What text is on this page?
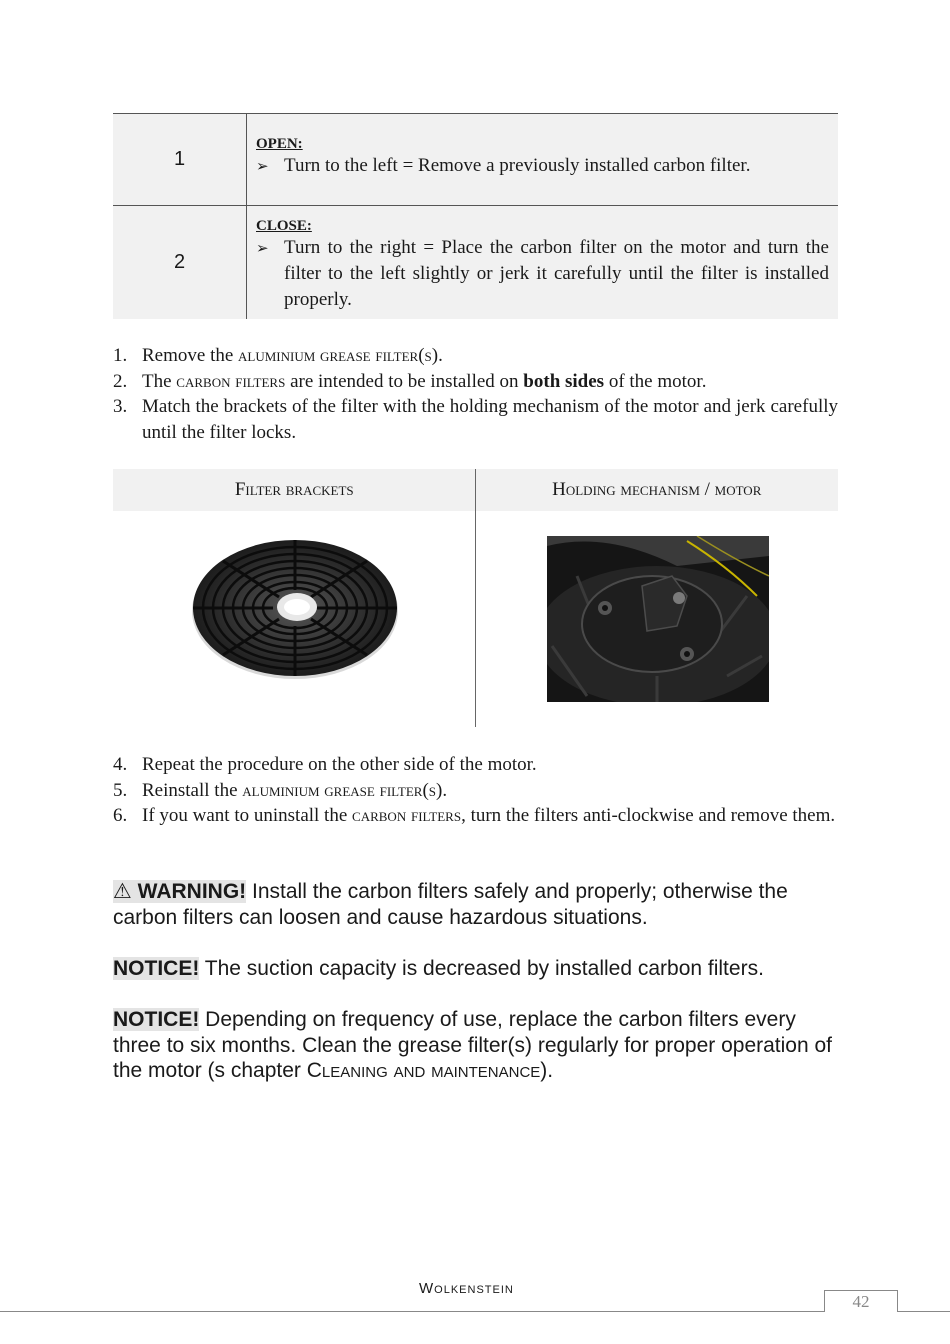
1
OPEN:
➢ Turn to the left = Remove a previously installed carbon filter.
2
CLOSE:
➢ Turn to the right = Place the carbon filter on the motor and turn the filter to the left slightly or jerk it carefully until the filter is installed properly.
1. Remove the aluminium grease filter(s).
2. The carbon filters are intended to be installed on both sides of the motor.
3. Match the brackets of the filter with the holding mechanism of the motor and jerk carefully until the filter locks.
Filter brackets	Holding mechanism / motor
4. Repeat the procedure on the other side of the motor.
5. Reinstall the aluminium grease filter(s).
6. If you want to uninstall the carbon filters, turn the filters anti-clockwise and remove them.
⚠ WARNING! Install the carbon filters safely and properly; otherwise the carbon filters can loosen and cause hazardous situations.
NOTICE! The suction capacity is decreased by installed carbon filters.
NOTICE! Depending on frequency of use, replace the carbon filters every three to six months. Clean the grease filter(s) regularly for proper operation of the motor (s chapter Cleaning and maintenance).
Wolkenstein
42
